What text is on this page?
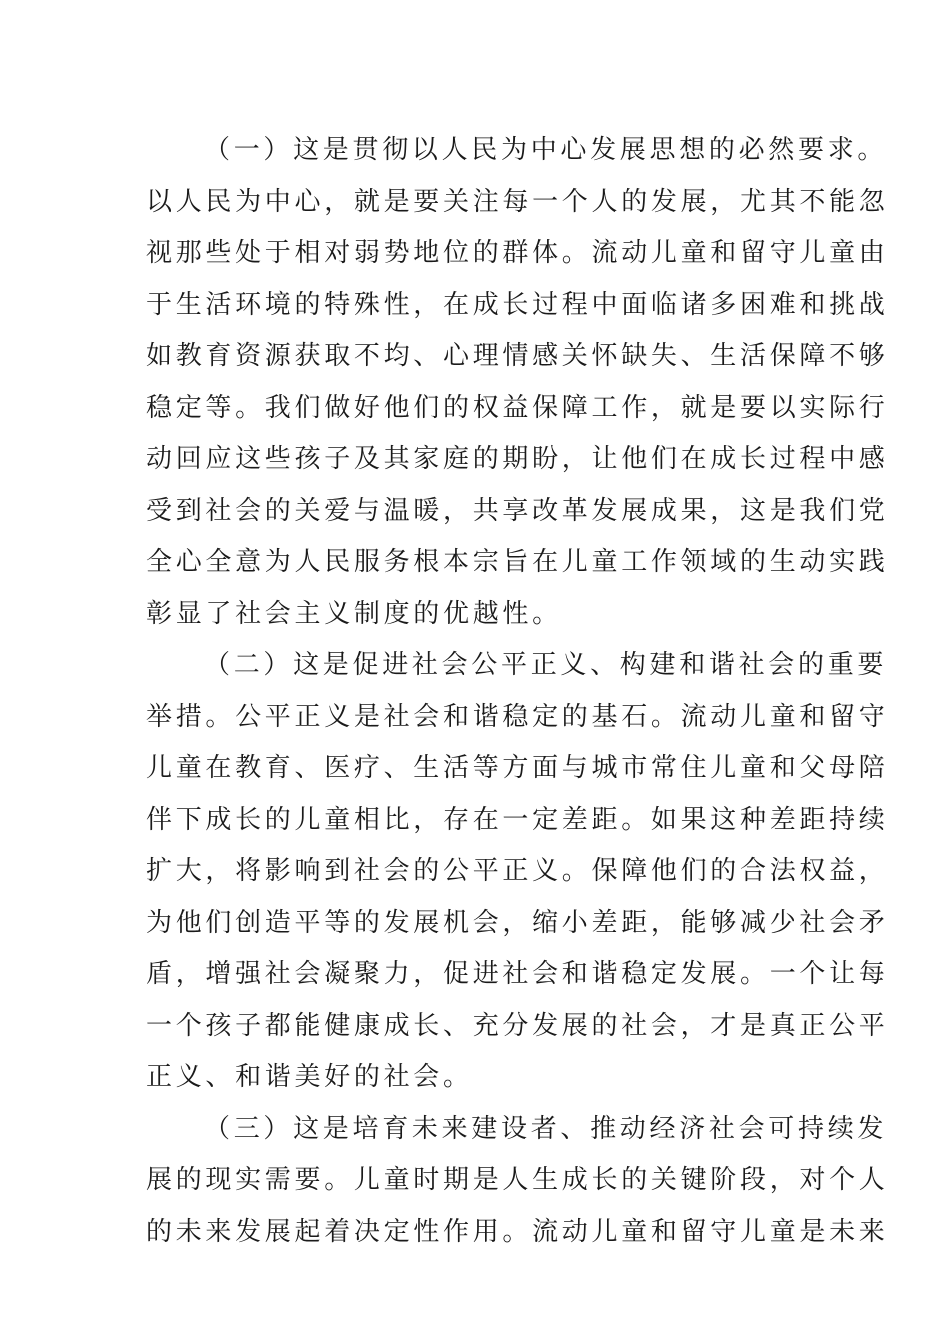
（一）这是贯彻以人民为中心发展思想的必然要求。
以人民为中心，就是要关注每一个人的发展，尤其不能忽
视那些处于相对弱势地位的群体。流动儿童和留守儿童由
于生活环境的特殊性，在成长过程中面临诸多困难和挑战
如教育资源获取不均、心理情感关怀缺失、生活保障不够
稳定等。我们做好他们的权益保障工作，就是要以实际行
动回应这些孩子及其家庭的期盼，让他们在成长过程中感
受到社会的关爱与温暖，共享改革发展成果，这是我们党
全心全意为人民服务根本宗旨在儿童工作领域的生动实践
彰显了社会主义制度的优越性。
（二）这是促进社会公平正义、构建和谐社会的重要
举措。公平正义是社会和谐稳定的基石。流动儿童和留守
儿童在教育、医疗、生活等方面与城市常住儿童和父母陪
伴下成长的儿童相比，存在一定差距。如果这种差距持续
扩大，将影响到社会的公平正义。保障他们的合法权益，
为他们创造平等的发展机会，缩小差距，能够减少社会矛
盾，增强社会凝聚力，促进社会和谐稳定发展。一个让每
一个孩子都能健康成长、充分发展的社会，才是真正公平
正义、和谐美好的社会。
（三）这是培育未来建设者、推动经济社会可持续发
展的现实需要。儿童时期是人生成长的关键阶段，对个人
的未来发展起着决定性作用。流动儿童和留守儿童是未来
